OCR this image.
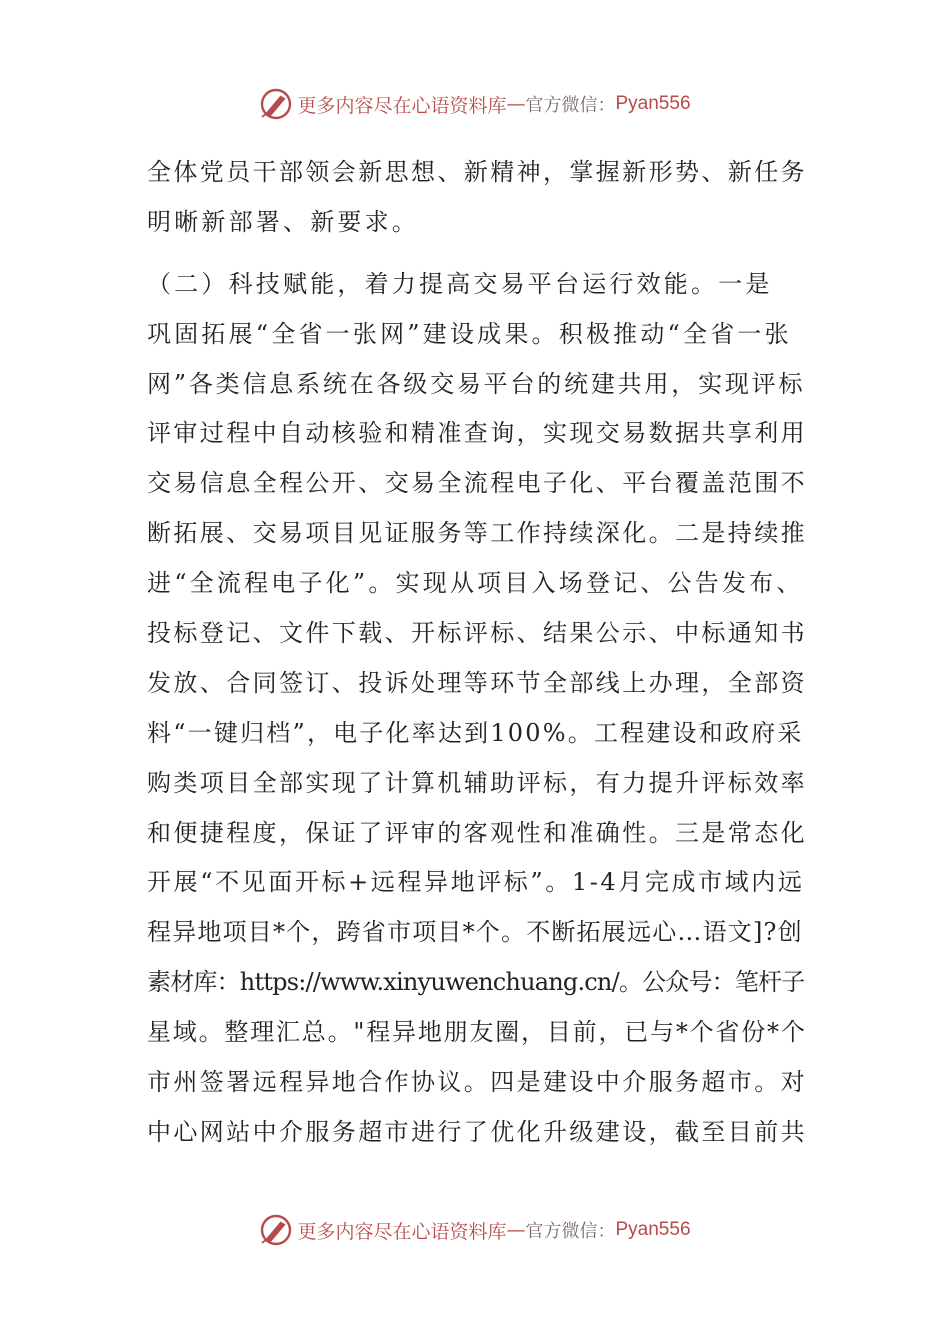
更多内容尽在心语资料库 — 官方微信： Pyan556
全体党员干部领会新思想、新精神，掌握新形势、新任务
明晰新部署、新要求。
（二）科技赋能，着力提高交易平台运行效能。一是
巩固拓展“全省一张网”建设成果。积极推动“全省一张
网”各类信息系统在各级交易平台的统建共用，实现评标
评审过程中自动核验和精准查询，实现交易数据共享利用
交易信息全程公开、交易全流程电子化、平台覆盖范围不
断拓展、交易项目见证服务等工作持续深化。二是持续推
进“全流程电子化”。实现从项目入场登记、公告发布、
投标登记、文件下载、开标评标、结果公示、中标通知书
发放、合同签订、投诉处理等环节全部线上办理，全部资
料“一键归档”，电子化率达到100%。工程建设和政府采
购类项目全部实现了计算机辅助评标，有力提升评标效率
和便捷程度，保证了评审的客观性和准确性。三是常态化
开展“不见面开标+远程异地评标”。1-4月完成市域内远
程异地项目*个，跨省市项目*个。不断拓展远心…语文]?创
素材库：https://www.xinyuwenchuang.cn/。公众号：笔杆子
星域。整理汇总。"程异地朋友圈，目前，已与*个省份*个
市州签署远程异地合作协议。四是建设中介服务超市。对
中心网站中介服务超市进行了优化升级建设，截至目前共
更多内容尽在心语资料库 — 官方微信： Pyan556
